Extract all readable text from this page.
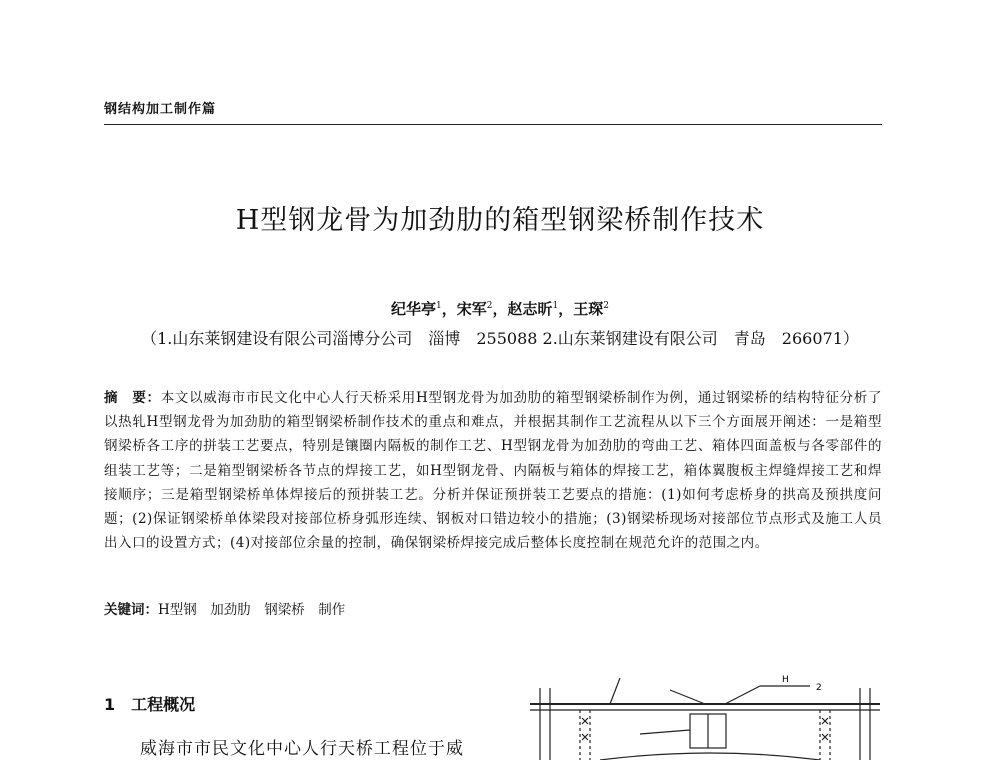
钢结构加工制作篇
H型钢龙骨为加劲肋的箱型钢梁桥制作技术
纪华亭$^1$，宋军$^2$，赵志昕$^1$，王琛$^2$
（1.山东莱钢建设有限公司淄博分公司　淄博　255088 2.山东莱钢建设有限公司　青岛　266071）
摘　要：本文以威海市市民文化中心人行天桥采用H型钢龙骨为加劲肋的箱型钢梁桥制作为例，通过钢梁桥的结构特征分析了以热轧H型钢龙骨为加劲肋的箱型钢梁桥制作技术的重点和难点，并根据其制作工艺流程从以下三个方面展开阐述：一是箱型钢梁桥各工序的拼装工艺要点，特别是镶圈内隔板的制作工艺、H型钢龙骨为加劲肋的弯曲工艺、箱体四面盖板与各零部件的组装工艺等；二是箱型钢梁桥各节点的焊接工艺，如H型钢龙骨、内隔板与箱体的焊接工艺，箱体翼腹板主焊缝焊接工艺和焊接顺序；三是箱型钢梁桥单体焊接后的预拼装工艺。分析并保证预拼装工艺要点的措施：(1)如何考虑桥身的拱高及预拱度问题；(2)保证钢梁桥单体梁段对接部位桥身弧形连续、钢板对口错边较小的措施；(3)钢梁桥现场对接部位节点形式及施工人员出入口的设置方式；(4)对接部位余量的控制，确保钢梁桥焊接完成后整体长度控制在规范允许的范围之内。
关键词：H型钢　加劲肋　钢梁桥　制作
1　工程概况
威海市市民文化中心人行天桥工程位于威
H
2
